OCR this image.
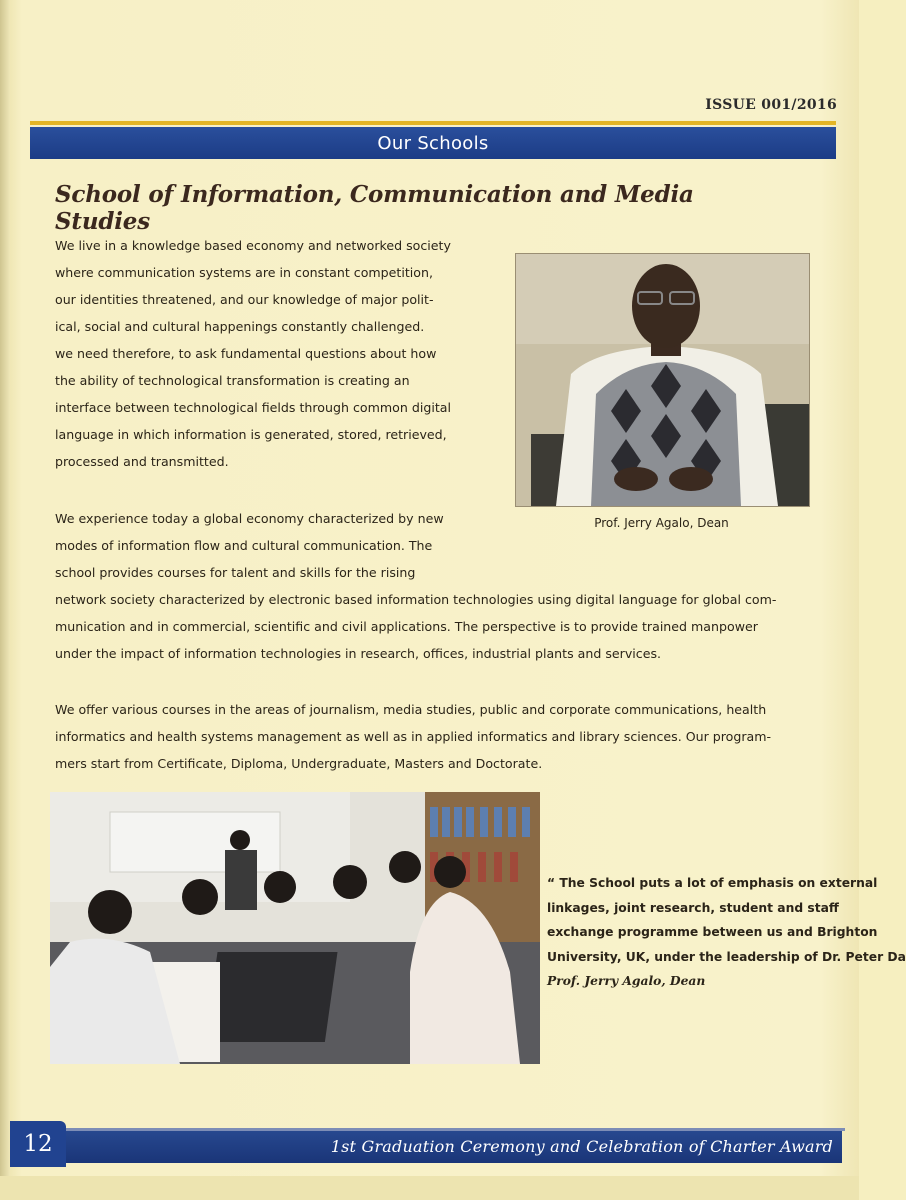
ISSUE 001/2016
Our Schools
School of Information, Communication and Media Studies
We live in a knowledge based economy and networked society
where communication systems are in constant competition,
our identities threatened, and our knowledge of major polit-
ical, social and cultural happenings constantly challenged.
we need therefore, to ask fundamental questions about how
the ability of technological transformation is creating an
interface between technological fields through common digital
language in which information is generated, stored, retrieved,
processed and transmitted.
Prof. Jerry Agalo, Dean
We experience today a global economy characterized by new
modes of information flow and cultural communication. The
school provides courses for talent and skills for the rising
network society characterized by electronic based information technologies using digital language for global com-
munication and in commercial, scientific and civil applications. The perspective is to provide trained manpower
under the impact of information technologies in research, offices, industrial plants and services.
We offer various courses in the areas of journalism, media studies, public and corporate communications, health
informatics and health systems management as well as in applied informatics and library sciences. Our program-
mers start from Certificate, Diploma, Undergraduate, Masters and Doctorate.
“ The School puts a lot of emphasis on external
linkages, joint research, student and staff
exchange programme between us and Brighton
University, UK, under the leadership of Dr. Peter Da
Prof. Jerry Agalo, Dean
12	1st Graduation Ceremony and Celebration of Charter Award
